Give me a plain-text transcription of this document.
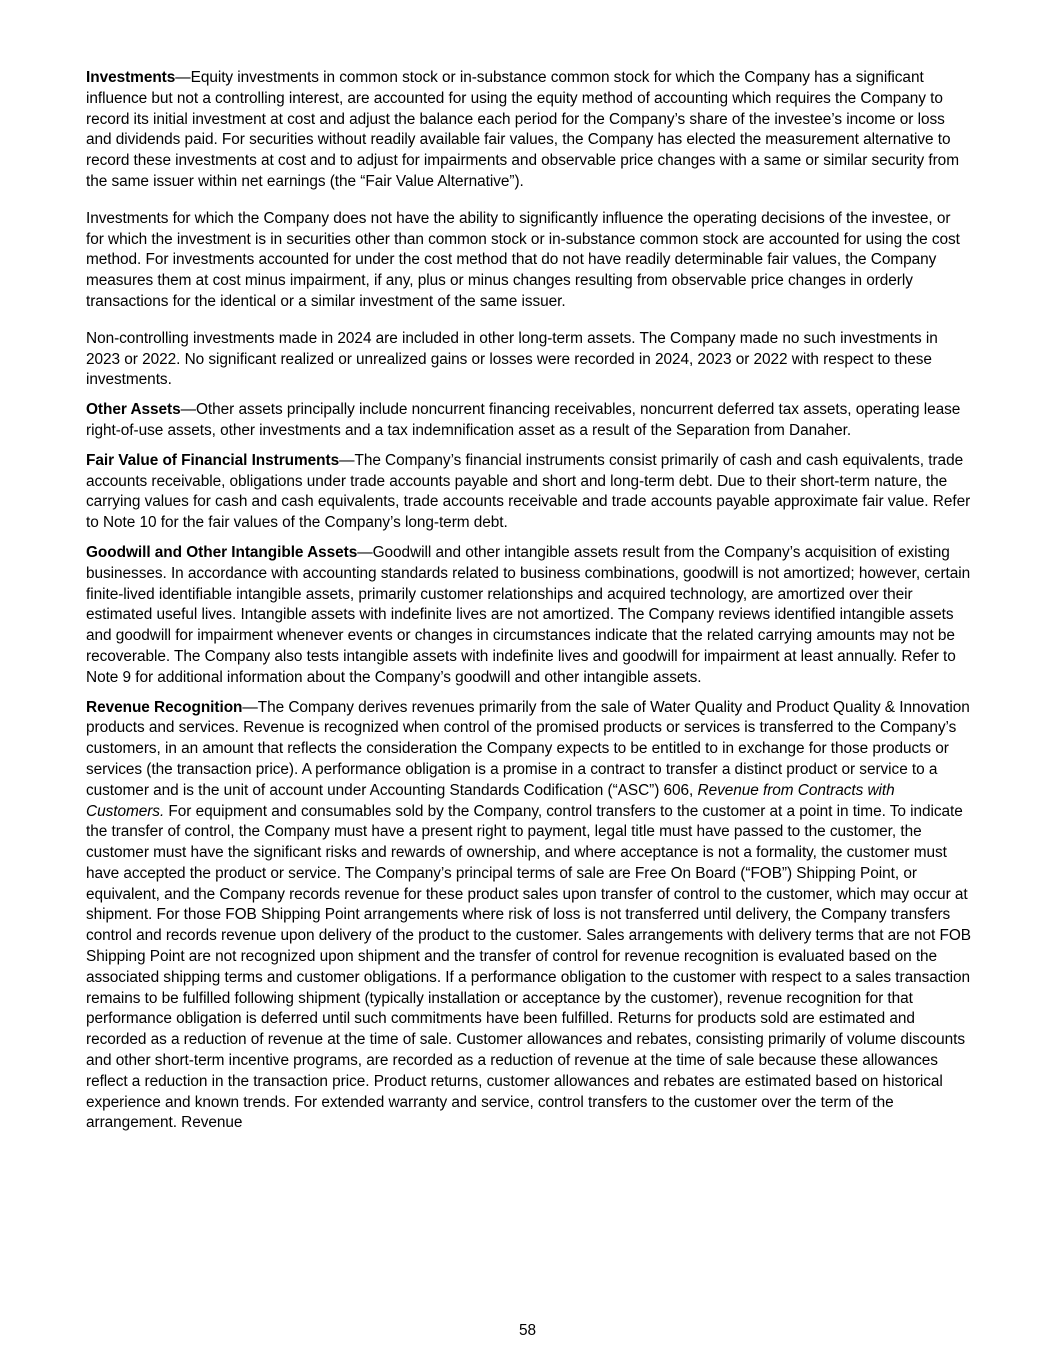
Investments—Equity investments in common stock or in-substance common stock for which the Company has a significant influence but not a controlling interest, are accounted for using the equity method of accounting which requires the Company to record its initial investment at cost and adjust the balance each period for the Company’s share of the investee’s income or loss and dividends paid. For securities without readily available fair values, the Company has elected the measurement alternative to record these investments at cost and to adjust for impairments and observable price changes with a same or similar security from the same issuer within net earnings (the “Fair Value Alternative”).

Investments for which the Company does not have the ability to significantly influence the operating decisions of the investee, or for which the investment is in securities other than common stock or in-substance common stock are accounted for using the cost method. For investments accounted for under the cost method that do not have readily determinable fair values, the Company measures them at cost minus impairment, if any, plus or minus changes resulting from observable price changes in orderly transactions for the identical or a similar investment of the same issuer.

Non-controlling investments made in 2024 are included in other long-term assets. The Company made no such investments in 2023 or 2022. No significant realized or unrealized gains or losses were recorded in 2024, 2023 or 2022 with respect to these investments.

Other Assets—Other assets principally include noncurrent financing receivables, noncurrent deferred tax assets, operating lease right-of-use assets, other investments and a tax indemnification asset as a result of the Separation from Danaher.

Fair Value of Financial Instruments—The Company’s financial instruments consist primarily of cash and cash equivalents, trade accounts receivable, obligations under trade accounts payable and short and long-term debt. Due to their short-term nature, the carrying values for cash and cash equivalents, trade accounts receivable and trade accounts payable approximate fair value. Refer to Note 10 for the fair values of the Company’s long-term debt.

Goodwill and Other Intangible Assets—Goodwill and other intangible assets result from the Company’s acquisition of existing businesses. In accordance with accounting standards related to business combinations, goodwill is not amortized; however, certain finite-lived identifiable intangible assets, primarily customer relationships and acquired technology, are amortized over their estimated useful lives. Intangible assets with indefinite lives are not amortized. The Company reviews identified intangible assets and goodwill for impairment whenever events or changes in circumstances indicate that the related carrying amounts may not be recoverable. The Company also tests intangible assets with indefinite lives and goodwill for impairment at least annually. Refer to Note 9 for additional information about the Company’s goodwill and other intangible assets.

Revenue Recognition—The Company derives revenues primarily from the sale of Water Quality and Product Quality & Innovation products and services. Revenue is recognized when control of the promised products or services is transferred to the Company’s customers, in an amount that reflects the consideration the Company expects to be entitled to in exchange for those products or services (the transaction price). A performance obligation is a promise in a contract to transfer a distinct product or service to a customer and is the unit of account under Accounting Standards Codification (“ASC”) 606, Revenue from Contracts with Customers. For equipment and consumables sold by the Company, control transfers to the customer at a point in time. To indicate the transfer of control, the Company must have a present right to payment, legal title must have passed to the customer, the customer must have the significant risks and rewards of ownership, and where acceptance is not a formality, the customer must have accepted the product or service. The Company’s principal terms of sale are Free On Board (“FOB”) Shipping Point, or equivalent, and the Company records revenue for these product sales upon transfer of control to the customer, which may occur at shipment. For those FOB Shipping Point arrangements where risk of loss is not transferred until delivery, the Company transfers control and records revenue upon delivery of the product to the customer. Sales arrangements with delivery terms that are not FOB Shipping Point are not recognized upon shipment and the transfer of control for revenue recognition is evaluated based on the associated shipping terms and customer obligations. If a performance obligation to the customer with respect to a sales transaction remains to be fulfilled following shipment (typically installation or acceptance by the customer), revenue recognition for that performance obligation is deferred until such commitments have been fulfilled. Returns for products sold are estimated and recorded as a reduction of revenue at the time of sale. Customer allowances and rebates, consisting primarily of volume discounts and other short-term incentive programs, are recorded as a reduction of revenue at the time of sale because these allowances reflect a reduction in the transaction price. Product returns, customer allowances and rebates are estimated based on historical experience and known trends. For extended warranty and service, control transfers to the customer over the term of the arrangement. Revenue

58
